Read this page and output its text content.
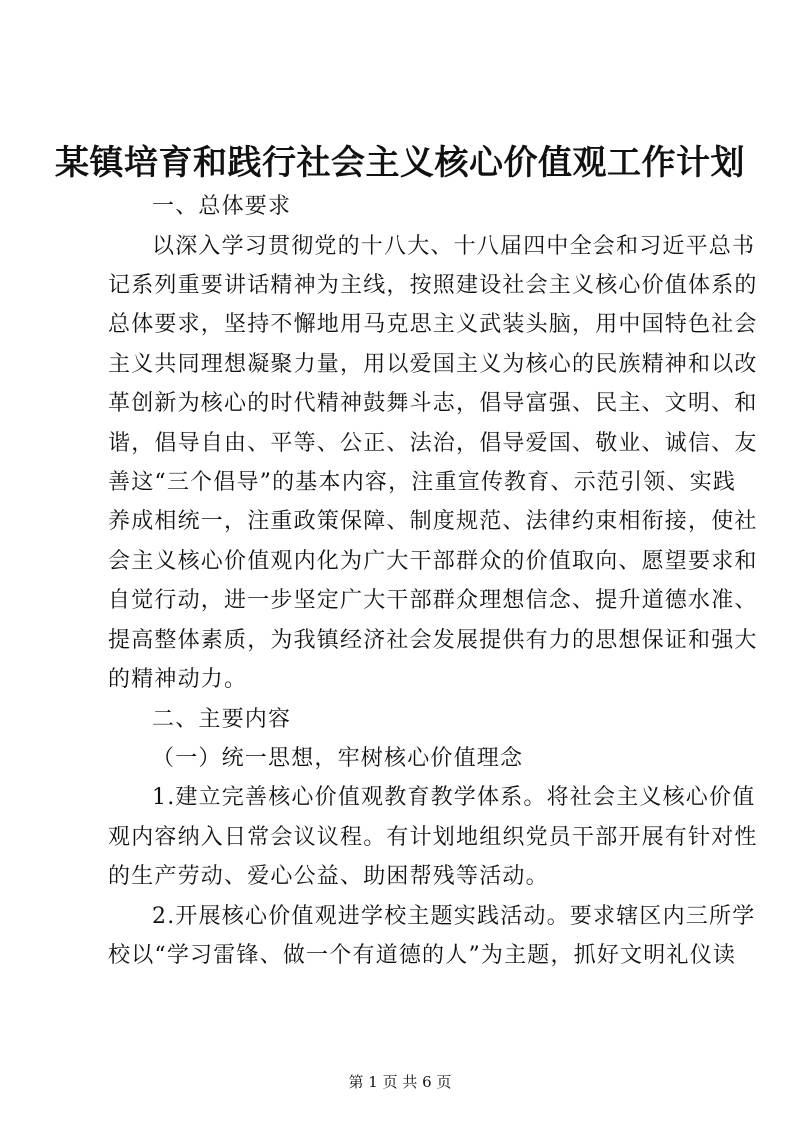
某镇培育和践行社会主义核心价值观工作计划
一、总体要求
以深入学习贯彻党的十八大、十八届四中全会和习近平总书
记系列重要讲话精神为主线，按照建设社会主义核心价值体系的
总体要求，坚持不懈地用马克思主义武装头脑，用中国特色社会
主义共同理想凝聚力量，用以爱国主义为核心的民族精神和以改
革创新为核心的时代精神鼓舞斗志，倡导富强、民主、文明、和
谐，倡导自由、平等、公正、法治，倡导爱国、敬业、诚信、友
善这“三个倡导”的基本内容，注重宣传教育、示范引领、实践
养成相统一，注重政策保障、制度规范、法律约束相衔接，使社
会主义核心价值观内化为广大干部群众的价值取向、愿望要求和
自觉行动，进一步坚定广大干部群众理想信念、提升道德水准、
提高整体素质，为我镇经济社会发展提供有力的思想保证和强大
的精神动力。
二、主要内容
（一）统一思想，牢树核心价值理念
1.建立完善核心价值观教育教学体系。将社会主义核心价值
观内容纳入日常会议议程。有计划地组织党员干部开展有针对性
的生产劳动、爱心公益、助困帮残等活动。
2.开展核心价值观进学校主题实践活动。要求辖区内三所学
校以“学习雷锋、做一个有道德的人”为主题，抓好文明礼仪读
第 1 页 共 6 页
